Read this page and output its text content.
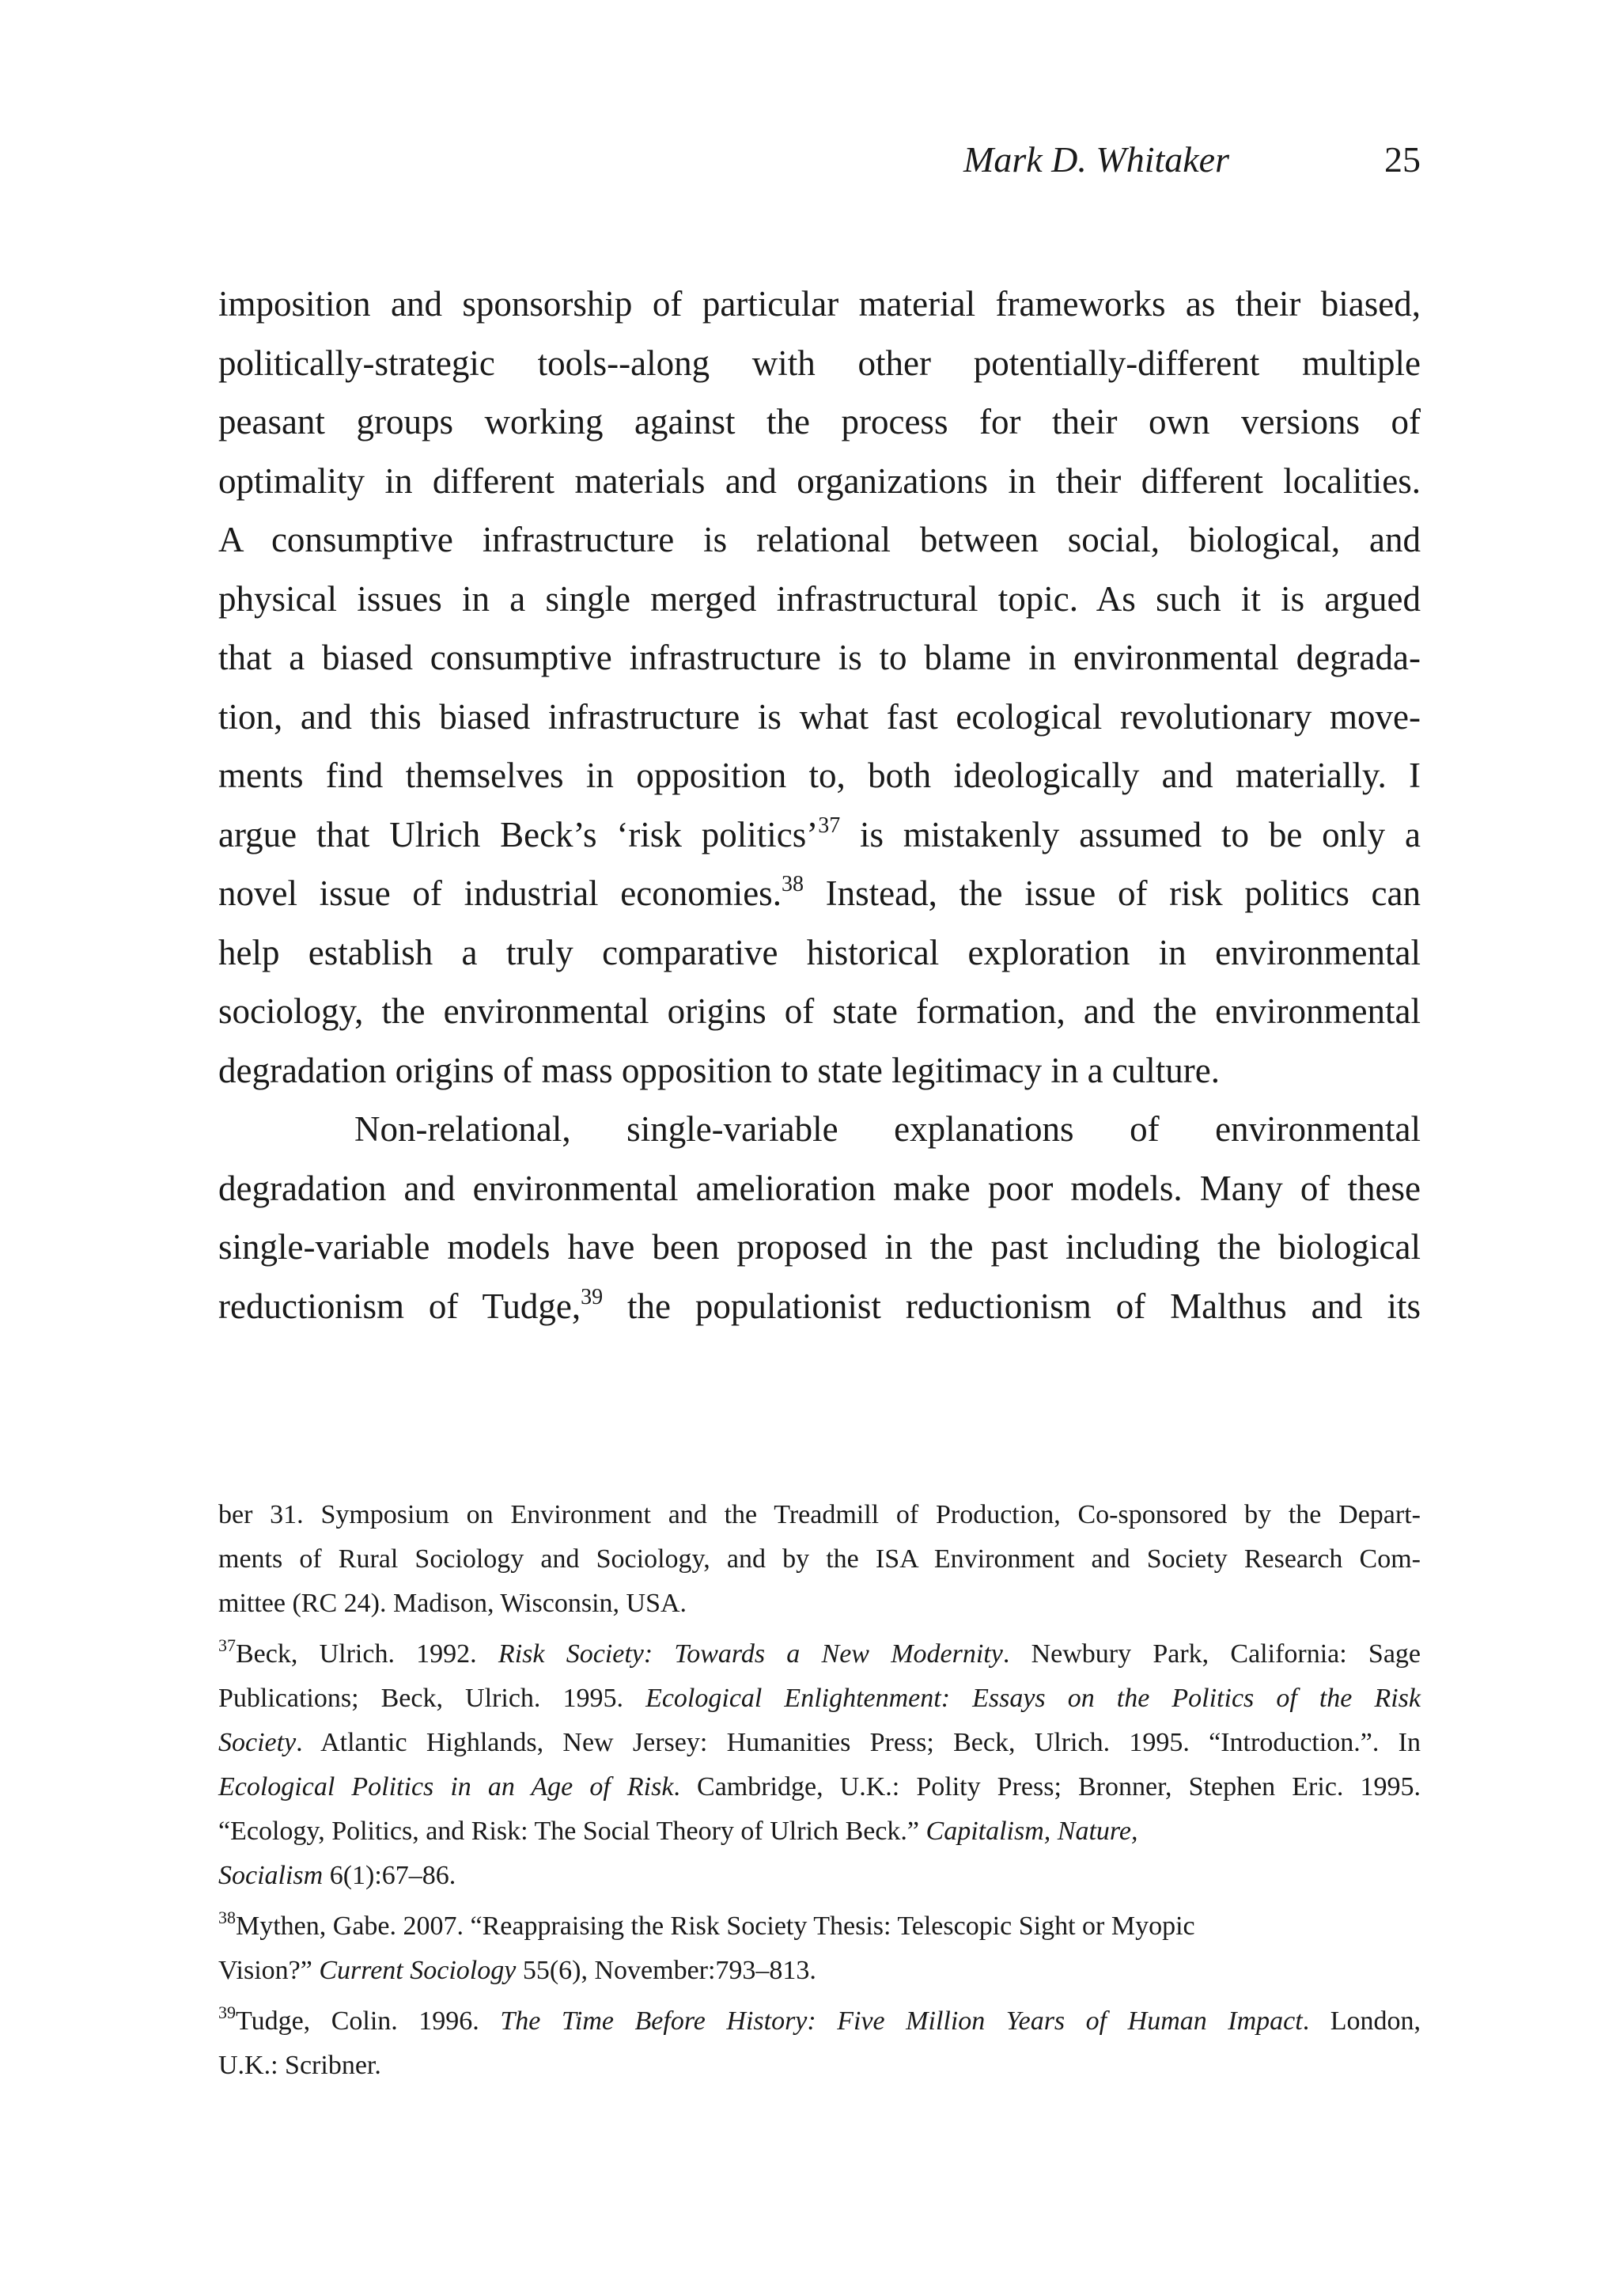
Mark D. Whitaker	25
imposition and sponsorship of particular material frameworks as their biased,
politically-strategic tools--along with other potentially-different multiple
peasant groups working against the process for their own versions of
optimality in different materials and organizations in their different localities.
A consumptive infrastructure is relational between social, biological, and
physical issues in a single merged infrastructural topic. As such it is argued
that a biased consumptive infrastructure is to blame in environmental degrada-
tion, and this biased infrastructure is what fast ecological revolutionary move-
ments find themselves in opposition to, both ideologically and materially. I
argue that Ulrich Beck’s ‘risk politics’$^{37}$ is mistakenly assumed to be only a
novel issue of industrial economies.$^{38}$ Instead, the issue of risk politics can
help establish a truly comparative historical exploration in environmental
sociology, the environmental origins of state formation, and the environmental
degradation origins of mass opposition to state legitimacy in a culture.
Non-relational, single-variable explanations of environmental
degradation and environmental amelioration make poor models. Many of these
single-variable models have been proposed in the past including the biological
reductionism of Tudge,$^{39}$ the populationist reductionism of Malthus and its
ber 31. Symposium on Environment and the Treadmill of Production, Co-sponsored by the Depart-
ments of Rural Sociology and Sociology, and by the ISA Environment and Society Research Com-
mittee (RC 24). Madison, Wisconsin, USA.
$^{37}$Beck, Ulrich. 1992. Risk Society: Towards a New Modernity. Newbury Park, California: Sage
Publications; Beck, Ulrich. 1995. Ecological Enlightenment: Essays on the Politics of the Risk
Society. Atlantic Highlands, New Jersey: Humanities Press; Beck, Ulrich. 1995. “Introduction.”. In
Ecological Politics in an Age of Risk. Cambridge, U.K.: Polity Press; Bronner, Stephen Eric. 1995.
“Ecology, Politics, and Risk: The Social Theory of Ulrich Beck.” Capitalism, Nature,
Socialism 6(1):67–86.
$^{38}$Mythen, Gabe. 2007. “Reappraising the Risk Society Thesis: Telescopic Sight or Myopic
Vision?” Current Sociology 55(6), November:793–813.
$^{39}$Tudge, Colin. 1996. The Time Before History: Five Million Years of Human Impact. London,
U.K.: Scribner.
